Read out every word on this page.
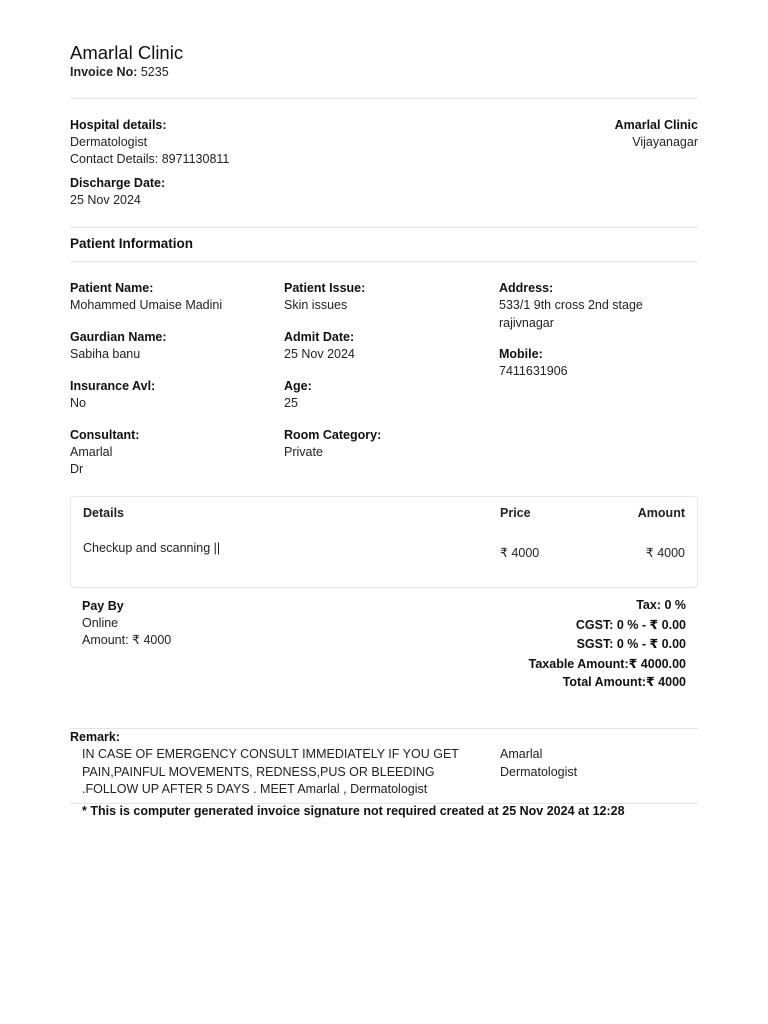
Amarlal Clinic
Invoice No: 5235
Hospital details:
Dermatologist
Contact Details: 8971130811
Discharge Date:
25 Nov 2024
Amarlal Clinic
Vijayanagar
Patient Information
Patient Name:
Mohammed Umaise Madini
Gaurdian Name:
Sabiha banu
Insurance Avl:
No
Consultant:
Amarlal
Dr
Patient Issue:
Skin issues
Admit Date:
25 Nov 2024
Age:
25
Room Category:
Private
Address:
533/1 9th cross 2nd stage
rajivnagar
Mobile:
7411631906
Details	Price	Amount
Checkup and scanning ||	₹ 4000	₹ 4000
Pay By
Online
Amount: ₹ 4000
Tax: 0 %
CGST: 0 % - ₹ 0.00
SGST: 0 % - ₹ 0.00
Taxable Amount:₹ 4000.00
Total Amount:₹ 4000
Remark:
IN CASE OF EMERGENCY CONSULT IMMEDIATELY IF YOU GET
PAIN,PAINFUL MOVEMENTS, REDNESS,PUS OR BLEEDING
.FOLLOW UP AFTER 5 DAYS . MEET Amarlal , Dermatologist
Amarlal
Dermatologist
* This is computer generated invoice signature not required created at 25 Nov 2024 at 12:28
